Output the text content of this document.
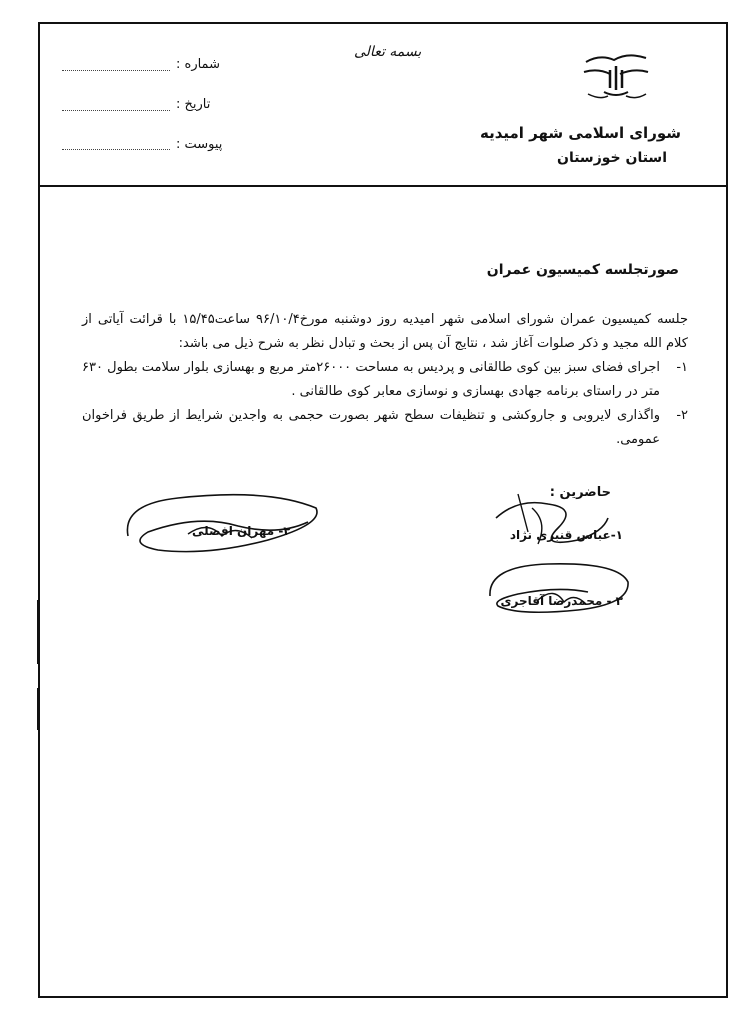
شماره :
تاریخ :
پیوست :
بسمه تعالی
شورای اسلامی شهر امیدیه
استان خوزستان
صورتجلسه کمیسیون عمران

جلسه کمیسیون عمران شورای اسلامی شهر امیدیه روز دوشنبه مورخ۹۶/۱۰/۴ ساعت۱۵/۴۵ با قرائت آیاتی از کلام الله مجید و ذکر صلوات آغاز شد ، نتایج آن پس از بحث و تبادل نظر به شرح ذیل می باشد:

۱-
اجرای فضای سبز بین کوی طالقانی و پردیس به مساحت ۲۶۰۰۰متر مربع و بهسازی بلوار سلامت بطول ۶۳۰ متر در راستای برنامه جهادی بهسازی و نوسازی معابر کوی طالقانی .
۲-
واگذاری لایروبی و جاروکشی و تنظیفات سطح شهر بصورت حجمی به واجدین شرایط از طریق فراخوان عمومی.
حاضرین :
۱-عباس قنبری نژاد
۲- مهران افضلی
۳ - محمدرضا آقاجری
